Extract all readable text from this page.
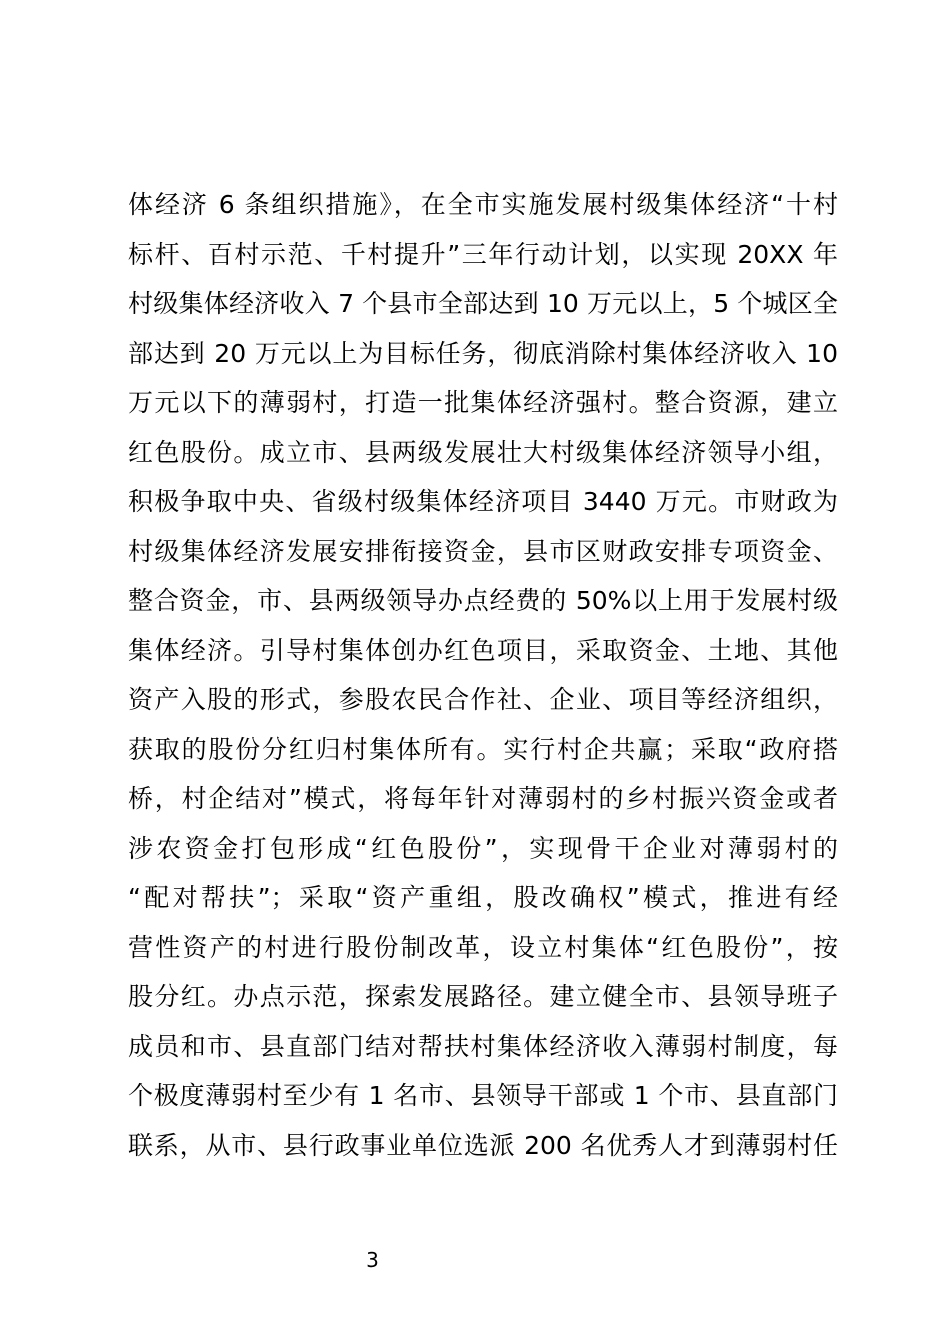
体经济 6 条组织措施》，在全市实施发展村级集体经济“十村
标杆、百村示范、千村提升”三年行动计划，以实现 20XX 年
村级集体经济收入 7 个县市全部达到 10 万元以上，5 个城区全
部达到 20 万元以上为目标任务，彻底消除村集体经济收入 10
万元以下的薄弱村，打造一批集体经济强村。整合资源，建立
红色股份。成立市、县两级发展壮大村级集体经济领导小组，
积极争取中央、省级村级集体经济项目 3440 万元。市财政为
村级集体经济发展安排衔接资金，县市区财政安排专项资金、
整合资金，市、县两级领导办点经费的 50%以上用于发展村级
集体经济。引导村集体创办红色项目，采取资金、土地、其他
资产入股的形式，参股农民合作社、企业、项目等经济组织，
获取的股份分红归村集体所有。实行村企共赢；采取“政府搭
桥，村企结对”模式，将每年针对薄弱村的乡村振兴资金或者
涉农资金打包形成“红色股份”，实现骨干企业对薄弱村的
“配对帮扶”；采取“资产重组，股改确权”模式，推进有经
营性资产的村进行股份制改革，设立村集体“红色股份”，按
股分红。办点示范，探索发展路径。建立健全市、县领导班子
成员和市、县直部门结对帮扶村集体经济收入薄弱村制度，每
个极度薄弱村至少有 1 名市、县领导干部或 1 个市、县直部门
联系，从市、县行政事业单位选派 200 名优秀人才到薄弱村任
3
